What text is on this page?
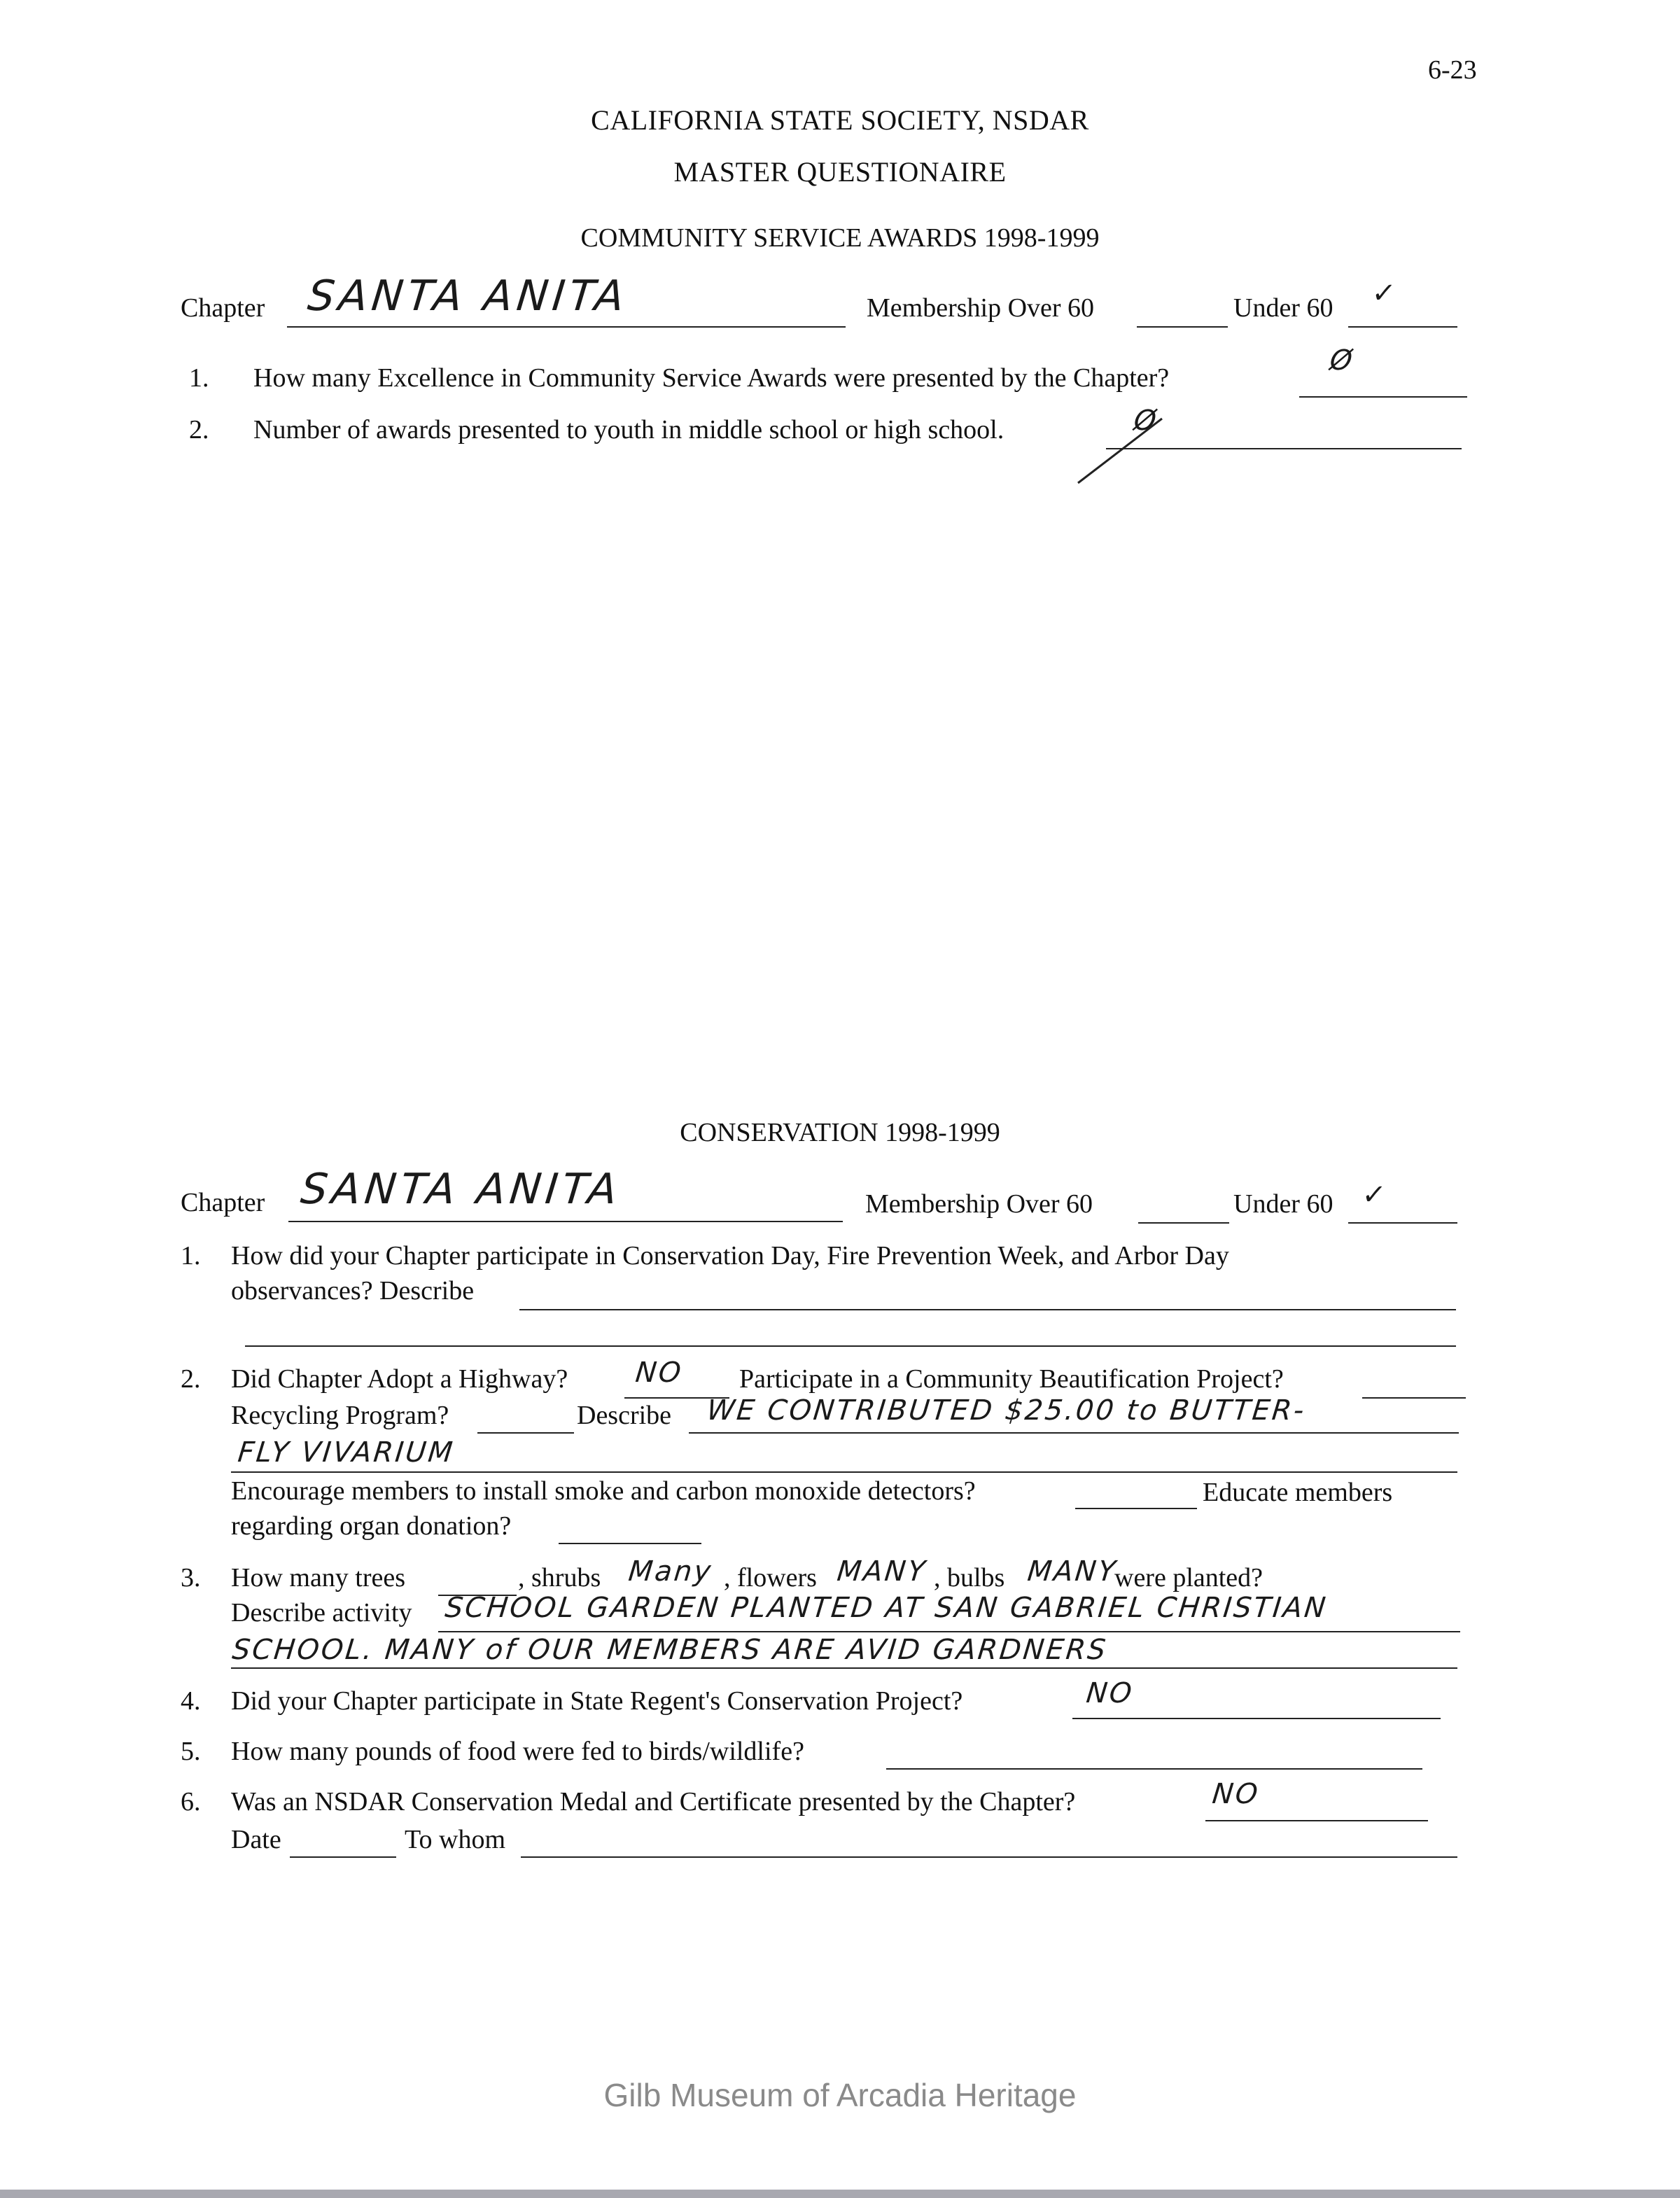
6-23
CALIFORNIA STATE SOCIETY, NSDAR
MASTER QUESTIONAIRE
COMMUNITY SERVICE AWARDS 1998-1999
Chapter SANTA ANITA	Membership Over 60	Under 60 ✓
1. How many Excellence in Community Service Awards were presented by the Chapter?
Ø
2. Number of awards presented to youth in middle school or high school.	Ø
CONSERVATION 1998-1999
Chapter SANTA ANITA	Membership Over 60	Under 60 ✓
1. How did your Chapter participate in Conservation Day, Fire Prevention Week, and Arbor Day
observances? Describe
2. Did Chapter Adopt a Highway? NO Participate in a Community Beautification Project?
Recycling Program?	Describe WE CONTRIBUTED $25.00 to BUTTER-
FLY VIVARIUM
Encourage members to install smoke and carbon monoxide detectors?	Educate members
regarding organ donation?
3. How many trees	, shrubs Many , flowers MANY , bulbs MANY
were planted?
Describe activity SCHOOL GARDEN PLANTED AT SAN GABRIEL CHRISTIAN
SCHOOL. MANY of OUR MEMBERS ARE AVID GARDNERS
4. Did your Chapter participate in State Regent's Conservation Project?	NO
5. How many pounds of food were fed to birds/wildlife?
6. Was an NSDAR Conservation Medal and Certificate presented by the Chapter?	NO
Date	To whom
Gilb Museum of Arcadia Heritage
